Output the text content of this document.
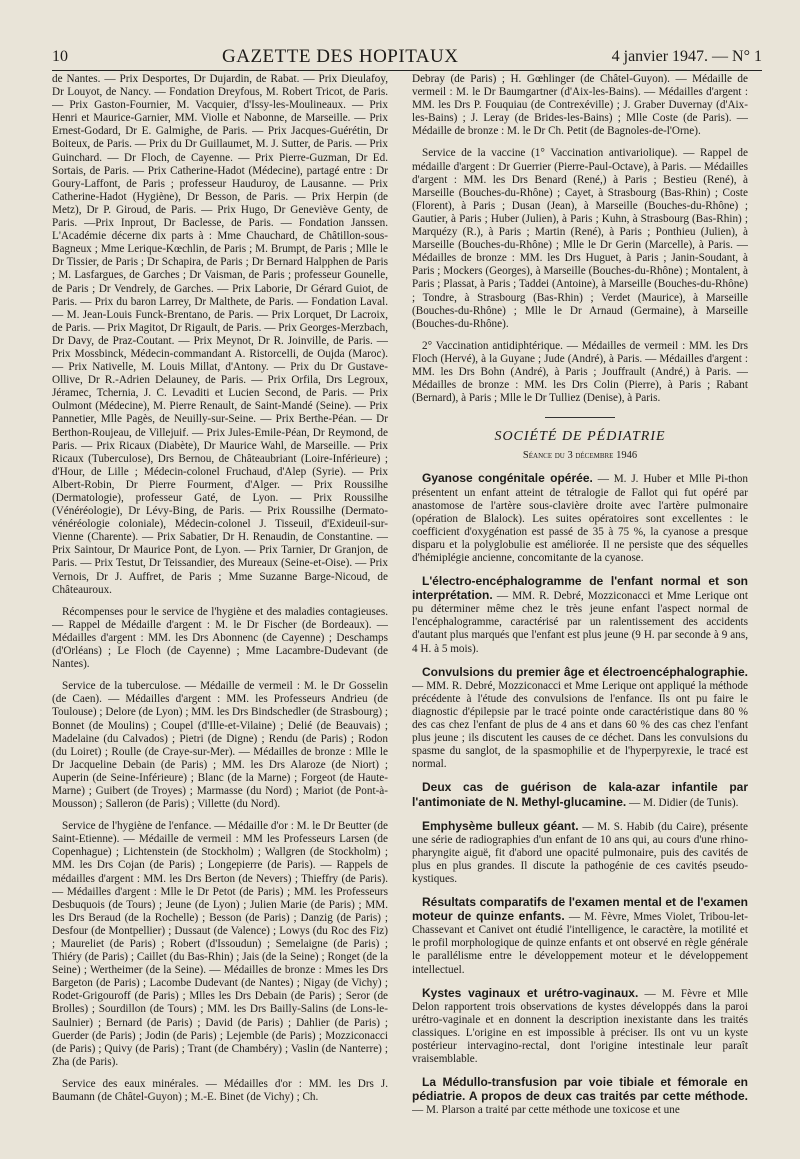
10	GAZETTE DES HOPITAUX	4 janvier 1947. — N° 1

de Nantes. — Prix Desportes, Dr Dujardin, de Rabat. — Prix Dieulafoy, Dr Louyot, de Nancy. — Fondation Dreyfous, M. Robert Tricot, de Paris. — Prix Gaston-Fournier, M. Vacquier, d'Issy-les-Moulineaux. — Prix Henri et Maurice-Garnier, MM. Violle et Nabonne, de Marseille. — Prix Ernest-Godard, Dr E. Galmighe, de Paris. — Prix Jacques-Guérétin, Dr Boiteux, de Paris. — Prix du Dr Guillaumet, M. J. Sutter, de Paris. — Prix Guinchard. — Dr Floch, de Cayenne. — Prix Pierre-Guzman, Dr Ed. Sortais, de Paris. — Prix Catherine-Hadot (Médecine), partagé entre : Dr Goury-Laffont, de Paris ; professeur Hauduroy, de Lausanne. — Prix Catherine-Hadot (Hygiène), Dr Besson, de Paris. — Prix Herpin (de Metz), Dr P. Giroud, de Paris. — Prix Hugo, Dr Geneviève Genty, de Paris. —Prix Inprout, Dr Baclesse, de Paris. — Fondation Janssen. L'Académie décerne dix parts à : Mme Chauchard, de Châtillon-sous-Bagneux ; Mme Lerique-Kœchlin, de Paris ; M. Brumpt, de Paris ; Mlle le Dr Tissier, de Paris ; Dr Schapira, de Paris ; Dr Bernard Halpphen de Paris ; M. Lasfargues, de Garches ; Dr Vaisman, de Paris ; professeur Gounelle, de Paris ; Dr Vendrely, de Garches. — Prix Laborie, Dr Gérard Guiot, de Paris. — Prix du baron Larrey, Dr Malthete, de Paris. — Fondation Laval. — M. Jean-Louis Funck-Brentano, de Paris. — Prix Lorquet, Dr Lacroix, de Paris. — Prix Magitot, Dr Rigault, de Paris. — Prix Georges-Merzbach, Dr Davy, de Praz-Coutant. — Prix Meynot, Dr R. Joinville, de Paris. — Prix Mossbinck, Médecin-commandant A. Ristorcelli, de Oujda (Maroc). — Prix Nativelle, M. Louis Millat, d'Antony. — Prix du Dr Gustave-Ollive, Dr R.-Adrien Delauney, de Paris. — Prix Orfila, Drs Legroux, Jéramec, Tchernia, J. C. Levaditi et Lucien Second, de Paris. — Prix Oulmont (Médecine), M. Pierre Renault, de Saint-Mandé (Seine). — Prix Pannetier, Mlle Pagès, de Neuilly-sur-Seine. — Prix Berthe-Péan. — Dr Berthon-Roujeau, de Villejuif. — Prix Jules-Emile-Péan, Dr Reymond, de Paris. — Prix Ricaux (Diabète), Dr Maurice Wahl, de Marseille. — Prix Ricaux (Tuberculose), Drs Bernou, de Châteaubriant (Loire-Inférieure) ; d'Hour, de Lille ; Médecin-colonel Fruchaud, d'Alep (Syrie). — Prix Albert-Robin, Dr Pierre Fourment, d'Alger. — Prix Roussilhe (Dermatologie), professeur Gaté, de Lyon. — Prix Roussilhe (Vénéréologie), Dr Lévy-Bing, de Paris. — Prix Roussilhe (Dermato-vénéréologie coloniale), Médecin-colonel J. Tisseuil, d'Exideuil-sur-Vienne (Charente). — Prix Sabatier, Dr H. Renaudin, de Constantine. — Prix Saintour, Dr Maurice Pont, de Lyon. — Prix Tarnier, Dr Granjon, de Paris. — Prix Testut, Dr Teissandier, des Mureaux (Seine-et-Oise). — Prix Vernois, Dr J. Auffret, de Paris ; Mme Suzanne Barge-Nicoud, de Châteauroux.

Récompenses pour le service de l'hygiène et des maladies contagieuses. — Rappel de Médaille d'argent : M. le Dr Fischer (de Bordeaux). — Médailles d'argent : MM. les Drs Abonnenc (de Cayenne) ; Deschamps (d'Orléans) ; Le Floch (de Cayenne) ; Mme Lacambre-Dudevant (de Nantes).

Service de la tuberculose. — Médaille de vermeil : M. le Dr Gosselin (de Caen). — Médailles d'argent : MM. les Professeurs Andrieu (de Toulouse) ; Delore (de Lyon) ; MM. les Drs Bindschedler (de Strasbourg) ; Bonnet (de Moulins) ; Coupel (d'Ille-et-Vilaine) ; Delié (de Beauvais) ; Madelaine (du Calvados) ; Pietri (de Digne) ; Rendu (de Paris) ; Rodon (du Loiret) ; Roulle (de Craye-sur-Mer). — Médailles de bronze : Mlle le Dr Jacqueline Debain (de Paris) ; MM. les Drs Alaroze (de Niort) ; Auperin (de Seine-Inférieure) ; Blanc (de la Marne) ; Forgeot (de Haute-Marne) ; Guibert (de Troyes) ; Marmasse (du Nord) ; Mariot (de Pont-à-Mousson) ; Salleron (de Paris) ; Villette (du Nord).

Service de l'hygiène de l'enfance. — Médaille d'or : M. le Dr Beutter (de Saint-Etienne). — Médaille de vermeil : MM les Professeurs Larsen (de Copenhague) ; Lichtenstein (de Stockholm) ; Wallgren (de Stockholm) ; MM. les Drs Cojan (de Paris) ; Longepierre (de Paris). — Rappels de médailles d'argent : MM. les Drs Berton (de Nevers) ; Thieffry (de Paris). — Médailles d'argent : Mlle le Dr Petot (de Paris) ; MM. les Professeurs Desbuquois (de Tours) ; Jeune (de Lyon) ; Julien Marie (de Paris) ; MM. les Drs Beraud (de la Rochelle) ; Besson (de Paris) ; Danzig (de Paris) ; Desfour (de Montpellier) ; Dussaut (de Valence) ; Lowys (du Roc des Fiz) ; Maureliet (de Paris) ; Robert (d'Issoudun) ; Semelaigne (de Paris) ; Thiéry (de Paris) ; Caillet (du Bas-Rhin) ; Jais (de la Seine) ; Ronget (de la Seine) ; Wertheimer (de la Seine). — Médailles de bronze : Mmes les Drs Bargeton (de Paris) ; Lacombe Dudevant (de Nantes) ; Nigay (de Vichy) ; Rodet-Grigouroff (de Paris) ; Mlles les Drs Debain (de Paris) ; Seror (de Brolles) ; Sourdillon (de Tours) ; MM. les Drs Bailly-Salins (de Lons-le-Saulnier) ; Bernard (de Paris) ; David (de Paris) ; Dahlier (de Paris) ; Guerder (de Paris) ; Jodin (de Paris) ; Lejemble (de Paris) ; Mozziconacci (de Paris) ; Quivy (de Paris) ; Trant (de Chambéry) ; Vaslin (de Nanterre) ; Zha (de Paris).

Service des eaux minérales. — Médailles d'or : MM. les Drs J. Baumann (de Châtel-Guyon) ; M.-E. Binet (de Vichy) ; Ch.

Debray (de Paris) ; H. Gœhlinger (de Châtel-Guyon). — Médaille de vermeil : M. le Dr Baumgartner (d'Aix-les-Bains). — Médailles d'argent : MM. les Drs P. Fouquiau (de Contrexéville) ; J. Graber Duvernay (d'Aix-les-Bains) ; J. Leray (de Brides-les-Bains) ; Mlle Coste (de Paris). — Médaille de bronze : M. le Dr Ch. Petit (de Bagnoles-de-l'Orne).

Service de la vaccine (1° Vaccination antivariolique). — Rappel de médaille d'argent : Dr Guerrier (Pierre-Paul-Octave), à Paris. — Médailles d'argent : MM. les Drs Benard (René,) à Paris ; Bestieu (René), à Marseille (Bouches-du-Rhône) ; Cayet, à Strasbourg (Bas-Rhin) ; Coste (Florent), à Paris ; Dusan (Jean), à Marseille (Bouches-du-Rhône) ; Gautier, à Paris ; Huber (Julien), à Paris ; Kuhn, à Strasbourg (Bas-Rhin) ; Marquézy (R.), à Paris ; Martin (René), à Paris ; Ponthieu (Julien), à Marseille (Bouches-du-Rhône) ; Mlle le Dr Gerin (Marcelle), à Paris. — Médailles de bronze : MM. les Drs Huguet, à Paris ; Janin-Soudant, à Paris ; Mockers (Georges), à Marseille (Bouches-du-Rhône) ; Montalent, à Paris ; Plassat, à Paris ; Taddei (Antoine), à Marseille (Bouches-du-Rhône) ; Tondre, à Strasbourg (Bas-Rhin) ; Verdet (Maurice), à Marseille (Bouches-du-Rhône) ; Mlle le Dr Arnaud (Germaine), à Marseille (Bouches-du-Rhône).

2° Vaccination antidiphtérique. — Médailles de vermeil : MM. les Drs Floch (Hervé), à la Guyane ; Jude (André), à Paris. — Médailles d'argent : MM. les Drs Bohn (André), à Paris ; Jouffrault (André,) à Paris. — Médailles de bronze : MM. les Drs Colin (Pierre), à Paris ; Rabant (Bernard), à Paris ; Mlle le Dr Tulliez (Denise), à Paris.

SOCIÉTÉ DE PÉDIATRIE
Séance du 3 décembre 1946

Gyanose congénitale opérée. — M. J. Huber et Mlle Pi-thon présentent un enfant atteint de tétralogie de Fallot qui fut opéré par anastomose de l'artère sous-clavière droite avec l'artère pulmonaire (opération de Blalock). Les suites opératoires sont excellentes : le coefficient d'oxygénation est passé de 35 à 75 %, la cyanose a presque disparu et la polyglobulie est améliorée. Il ne persiste que des séquelles d'hémiplégie ancienne, concomitante de la cyanose.

L'électro-encéphalogramme de l'enfant normal et son interprétation. — MM. R. Debré, Mozziconacci et Mme Lerique ont pu déterminer même chez le très jeune enfant l'aspect normal de l'encéphalogramme, caractérisé par un ralentissement des accidents d'autant plus marqués que l'enfant est plus jeune (9 H. par seconde à 9 ans, 4 H. à 5 mois).

Convulsions du premier âge et électroencéphalographie. — MM. R. Debré, Mozziconacci et Mme Lerique ont appliqué la méthode précédente à l'étude des convulsions de l'enfance. Ils ont pu faire le diagnostic d'épilepsie par le tracé pointe onde caractéristique dans 80 % des cas chez l'enfant de plus de 4 ans et dans 60 % des cas chez l'enfant plus jeune ; ils discutent les causes de ce déchet. Dans les convulsions du spasme du sanglot, de la spasmophilie et de l'hyperpyrexie, le tracé est normal.

Deux cas de guérison de kala-azar infantile par l'antimoniate de N. Methyl-glucamine. — M. Didier (de Tunis).

Emphysème bulleux géant. — M. S. Habib (du Caire), présente une série de radiographies d'un enfant de 10 ans qui, au cours d'une rhino-pharyngite aiguë, fit d'abord une opacité pulmonaire, puis des cavités de plus en plus grandes. Il discute la pathogénie de ces cavités pseudo-kystiques.

Résultats comparatifs de l'examen mental et de l'examen moteur de quinze enfants. — M. Fèvre, Mmes Violet, Tribou-let-Chassevant et Canivet ont étudié l'intelligence, le caractère, la motilité et le profil morphologique de quinze enfants et ont observé en règle générale le parallélisme entre le développement moteur et le développement intellectuel.

Kystes vaginaux et urétro-vaginaux. — M. Fèvre et Mlle Delon rapportent trois observations de kystes développés dans la paroi urétro-vaginale et en donnent la description inexistante dans les traités classiques. L'origine en est impossible à préciser. Ils ont vu un kyste postérieur intervagino-rectal, dont l'origine intestinale leur paraît vraisemblable.

La Médullo-transfusion par voie tibiale et fémorale en pédiatrie. A propos de deux cas traités par cette méthode. — M. Plarson a traité par cette méthode une toxicose et une
